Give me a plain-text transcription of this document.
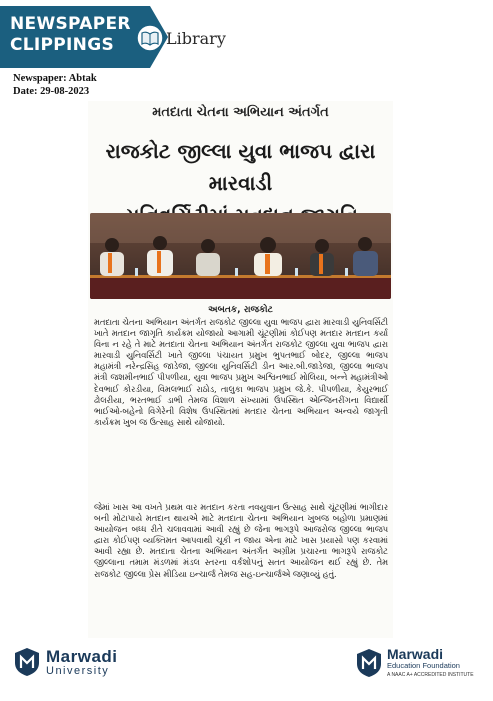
NEWSPAPER
CLIPPINGS	Library
Newspaper: Abtak
Date: 29-08-2023
મતદાતા ચેતના અભિયાન અંતર્ગત
રાજકોટ જીલ્લા યુવા ભાજપ દ્વારા મારવાડી
અબતક, રાજકોટ

મતદાતા ચેતના અભિયાન અંતર્ગત રાજકોટ જીલ્લા યુવા ભાજપ દ્વારા મારવાડી યુનિવર્સિટી ખાતે મતદાન જાગૃતિ કાર્યક્રમ યોજાયો આગામી ચૂંટણીમાં કોઈપણ મતદાર મતદાન કર્યા વિના ન રહે તે માટે મતદાતા ચેતના અભિયાન અંતર્ગત રાજકોટ જીલ્લા યુવા ભાજપ દ્વારા મારવાડી યુનિવર્સિટી ખાતે જીલ્લા પંચાયત પ્રમુખ ભુપતભાઈ બોદર, જીલ્લા ભાજપ મહામંત્રી નરેન્દ્રસિંહ જાડેજા, જીલ્લા યુનિવર્સિટી ડીન આર.બી.જાડેજા, જીલ્લા ભાજપ મંત્રી જશમીનભાઈ પીપળીયા, યુવા ભાજપ પ્રમુખ અશ્વિનભાઈ મોલિયા, બન્ને મહામંત્રીઓ દેવભાઈ કોરડીયા, વિમલભાઈ રાઠોડ, તાલુકા ભાજપ પ્રમુખ જે.કે. પીપળીયા, કેયુરભાઈ ઢોલરીયા, ભરતભાઈ ડાભી તેમજ વિશાળ સંખ્યામાં ઉપસ્થિત એન્જિનરીંગના વિદ્યાર્થી ભાઈઓ-બહેનો વિગેરેની વિશેષ ઉપસ્થિતમાં મતદાર ચેતના અભિયાન અન્વયે જાગૃતી કાર્યક્રમ ખુબ જ ઉત્સાહ સાથે યોજાયો.

જેમાં ખાસ આ વખતે પ્રથમ વાર મતદાન કરતા નવયુવાન ઉત્સાહ સાથે ચૂંટણીમાં ભાગીદાર બની મોટાપાયે મતદાન થાયએ માટે મતદાતા ચેતના અભિયાન ખુબજ બહોળા પ્રમાણમાં આયોજન બધ્ધ રીતે ચલાવવામાં આવી રહ્યું છે જેના ભાગરૂપે આજરોજ જીલ્લા ભાજપ દ્વારા કોઈપણ વ્યક્તિમત આપવાથી ચૂકી ન જાય એના માટે ખાસ પ્રયાસો પણ કરવામાં આવી રહ્યા છે. મતદાતા ચેતના અભિયાન અંતર્ગત અગ્રીમ પ્રચારના ભાગરૂપે રાજકોટ જીલ્લાના તમામ મંડળમાં મંડલ સ્તરના વર્કશોપનું સતત આયોજન થઈ રહ્યું છે. તેમ રાજકોટ જીલ્લા પ્રેસ મીડિયા ઇન્ચાર્જ તેમજ સહ-ઇન્ચાર્જએ જણાવ્યું હતું.

Marwadi
University
Marwadi
Education Foundation
A NAAC A+ ACCREDITED INSTITUTE
